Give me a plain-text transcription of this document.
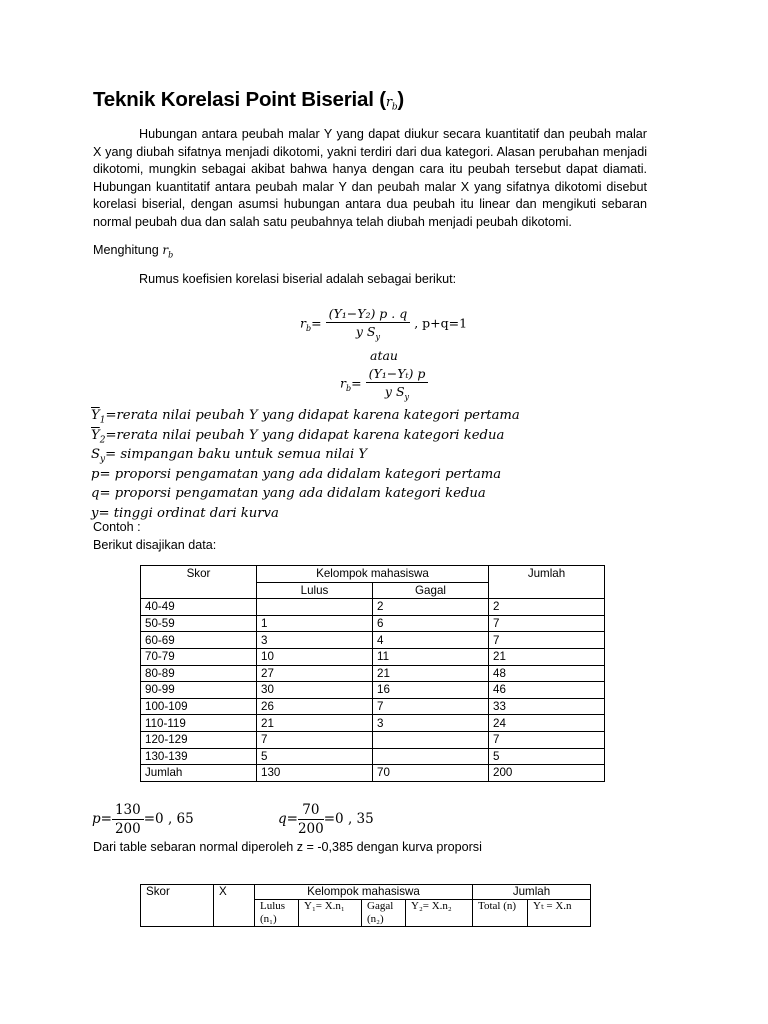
Teknik Korelasi Point Biserial $(r_b)$
Hubungan antara peubah malar Y yang dapat diukur secara kuantitatif dan peubah malar X yang diubah sifatnya menjadi dikotomi, yakni terdiri dari dua kategori. Alasan perubahan menjadi dikotomi, mungkin sebagai akibat bahwa hanya dengan cara itu peubah tersebut dapat diamati. Hubungan kuantitatif antara peubah malar Y dan peubah malar X yang sifatnya dikotomi disebut korelasi biserial, dengan asumsi hubungan antara dua peubah itu linear dan mengikuti sebaran normal peubah dua dan salah satu peubahnya telah diubah menjadi peubah dikotomi.
Menghitung $r_b$
Rumus koefisien korelasi biserial adalah sebagai berikut:
$r_b= \frac{\text{(Y₁−Y₂) p . q}}{y S_y}$ , p+q=1
atau
$r_b= \frac{\text{(Y₁−Yₜ) p}}{y S_y}$
$\overline{Y}_1=rerata$ nilai peubah Y yang didapat karena kategori pertama
$\overline{Y}_2=rerata$ nilai peubah Y yang didapat karena kategori kedua
$S_y=$ simpangan baku untuk semua nilai Y
p= proporsi pengamatan yang ada didalam kategori pertama
q= proporsi pengamatan yang ada didalam kategori kedua
y= tinggi ordinat dari kurva
Contoh :
Berikut disajikan data:
Skor	Kelompok mahasiswa		Jumlah
	Lulus	Gagal	
40-49		2	2
50-59	1	6	7
60-69	3	4	7
70-79	10	11	21
80-89	27	21	48
90-99	30	16	46
100-109	26	7	33
110-119	21	3	24
120-129	7		7
130-139	5		5
Jumlah	130	70	200
$p= \frac{130}{200} =0$ , 65	$q= \frac{70}{200} =0$ , 35
Dari table sebaran normal diperoleh z = -0,385 dengan kurva proporsi
Skor	X	Kelompok mahasiswa				Jumlah	
		Lulus (n₁)	Y₁= X.n₁	Gagal (n₂)	Y₂= X.n₂	Total (n)	Yₜ = X.n
